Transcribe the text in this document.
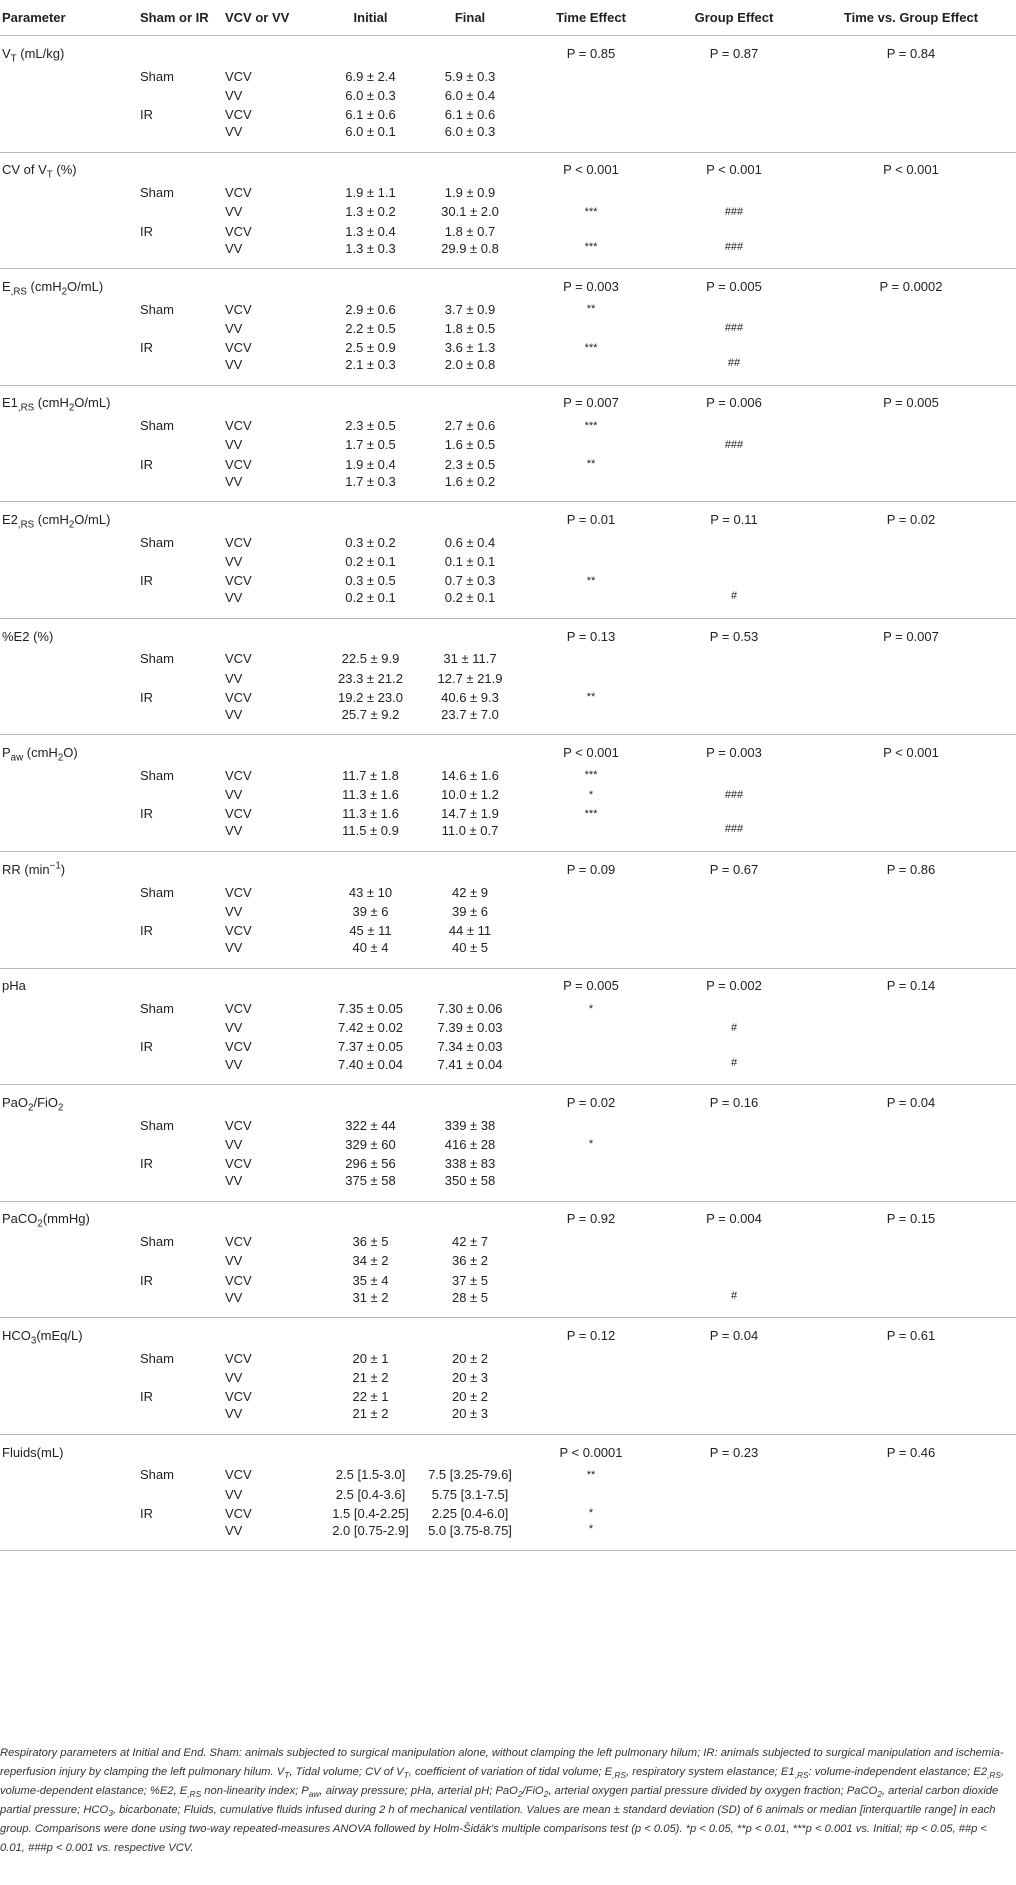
Parameter	Sham or IR	VCV or VV	Initial	Final	Time Effect	Group Effect	Time vs. Group Effect
$V_T$ (mL/kg)					P = 0.85	P = 0.87	P = 0.84
	Sham	VCV	6.9 ± 2.4	5.9 ± 0.3			
		VV	6.0 ± 0.3	6.0 ± 0.4			
	IR	VCV	6.1 ± 0.6	6.1 ± 0.6			
		VV	6.0 ± 0.1	6.0 ± 0.3			
CV of $V_T$ (%)					P < 0.001	P < 0.001	P < 0.001
	Sham	VCV	1.9 ± 1.1	1.9 ± 0.9			
		VV	1.3 ± 0.2	30.1 ± 2.0	***	###	
	IR	VCV	1.3 ± 0.4	1.8 ± 0.7			
		VV	1.3 ± 0.3	29.9 ± 0.8	***	###	
$E_{,RS}$ (cmH$_2$O/mL)					P = 0.003	P = 0.005	P = 0.0002
	Sham	VCV	2.9 ± 0.6	3.7 ± 0.9	**		
		VV	2.2 ± 0.5	1.8 ± 0.5		###	
	IR	VCV	2.5 ± 0.9	3.6 ± 1.3	***		
		VV	2.1 ± 0.3	2.0 ± 0.8		##	
$E1_{,RS}$ (cmH$_2$O/mL)					P = 0.007	P = 0.006	P = 0.005
	Sham	VCV	2.3 ± 0.5	2.7 ± 0.6	***		
		VV	1.7 ± 0.5	1.6 ± 0.5		###	
	IR	VCV	1.9 ± 0.4	2.3 ± 0.5	**		
		VV	1.7 ± 0.3	1.6 ± 0.2			
$E2_{,RS}$ (cmH$_2$O/mL)					P = 0.01	P = 0.11	P = 0.02
	Sham	VCV	0.3 ± 0.2	0.6 ± 0.4			
		VV	0.2 ± 0.1	0.1 ± 0.1			
	IR	VCV	0.3 ± 0.5	0.7 ± 0.3	**		
		VV	0.2 ± 0.1	0.2 ± 0.1		#	
%E2 (%)					P = 0.13	P = 0.53	P = 0.007
	Sham	VCV	22.5 ± 9.9	31 ± 11.7			
		VV	23.3 ± 21.2	12.7 ± 21.9			
	IR	VCV	19.2 ± 23.0	40.6 ± 9.3	**		
		VV	25.7 ± 9.2	23.7 ± 7.0			
$P_{aw}$ (cmH$_2$O)					P < 0.001	P = 0.003	P < 0.001
	Sham	VCV	11.7 ± 1.8	14.6 ± 1.6	***		
		VV	11.3 ± 1.6	10.0 ± 1.2	*	###	
	IR	VCV	11.3 ± 1.6	14.7 ± 1.9	***		
		VV	11.5 ± 0.9	11.0 ± 0.7		###	
RR $(\min^{-1})$					P = 0.09	P = 0.67	P = 0.86
	Sham	VCV	43 ± 10	42 ± 9			
		VV	39 ± 6	39 ± 6			
	IR	VCV	45 ± 11	44 ± 11			
		VV	40 ± 4	40 ± 5			
pHa					P = 0.005	P = 0.002	P = 0.14
	Sham	VCV	7.35 ± 0.05	7.30 ± 0.06	*		
		VV	7.42 ± 0.02	7.39 ± 0.03		#	
	IR	VCV	7.37 ± 0.05	7.34 ± 0.03			
		VV	7.40 ± 0.04	7.41 ± 0.04		#	
PaO$_2$/FiO$_2$					P = 0.02	P = 0.16	P = 0.04
	Sham	VCV	322 ± 44	339 ± 38			
		VV	329 ± 60	416 ± 28	*		
	IR	VCV	296 ± 56	338 ± 83			
		VV	375 ± 58	350 ± 58			
PaCO$_2$(mmHg)					P = 0.92	P = 0.004	P = 0.15
	Sham	VCV	36 ± 5	42 ± 7			
		VV	34 ± 2	36 ± 2			
	IR	VCV	35 ± 4	37 ± 5			
		VV	31 ± 2	28 ± 5		#	
$HCO_3(mEq/L)$					P = 0.12	P = 0.04	P = 0.61
	Sham	VCV	20 ± 1	20 ± 2			
		VV	21 ± 2	20 ± 3			
	IR	VCV	22 ± 1	20 ± 2			
		VV	21 ± 2	20 ± 3			
Fluids(mL)					P < 0.0001	P = 0.23	P = 0.46
	Sham	VCV	2.5 [1.5-3.0]	7.5 [3.25-79.6]	**		
		VV	2.5 [0.4-3.6]	5.75 [3.1-7.5]			
	IR	VCV	1.5 [0.4-2.25]	2.25 [0.4-6.0]	*		
		VV	2.0 [0.75-2.9]	5.0 [3.75-8.75]	*		
Respiratory parameters at Initial and End. Sham: animals subjected to surgical manipulation alone, without clamping the left pulmonary hilum; IR: animals subjected to surgical manipulation and ischemia-reperfusion injury by clamping the left pulmonary hilum. $V_T$, Tidal volume; CV of $V_T$, coefficient of variation of tidal volume; $E_{,RS}$, respiratory system elastance; $E1_{,RS}$: volume-independent elastance; $E2_{,RS}$, volume-dependent elastance; %E2, $E_{,RS}$ non-linearity index; $P_{aw}$, airway pressure; pHa, arterial pH; PaO$_2$/FiO$_2$, arterial oxygen partial pressure divided by oxygen fraction; PaCO$_2$, arterial carbon dioxide partial pressure; $HCO_3$, bicarbonate; Fluids, cumulative fluids infused during 2 h of mechanical ventilation. Values are mean ± standard deviation (SD) of 6 animals or median [interquartile range] in each group. Comparisons were done using two-way repeated-measures ANOVA followed by Holm-Šidák's multiple comparisons test (p < 0.05). *p < 0.05, **p < 0.01, ***p < 0.001 vs. Initial; #p < 0.05, ##p < 0.01, ###p < 0.001 vs. respective VCV.
